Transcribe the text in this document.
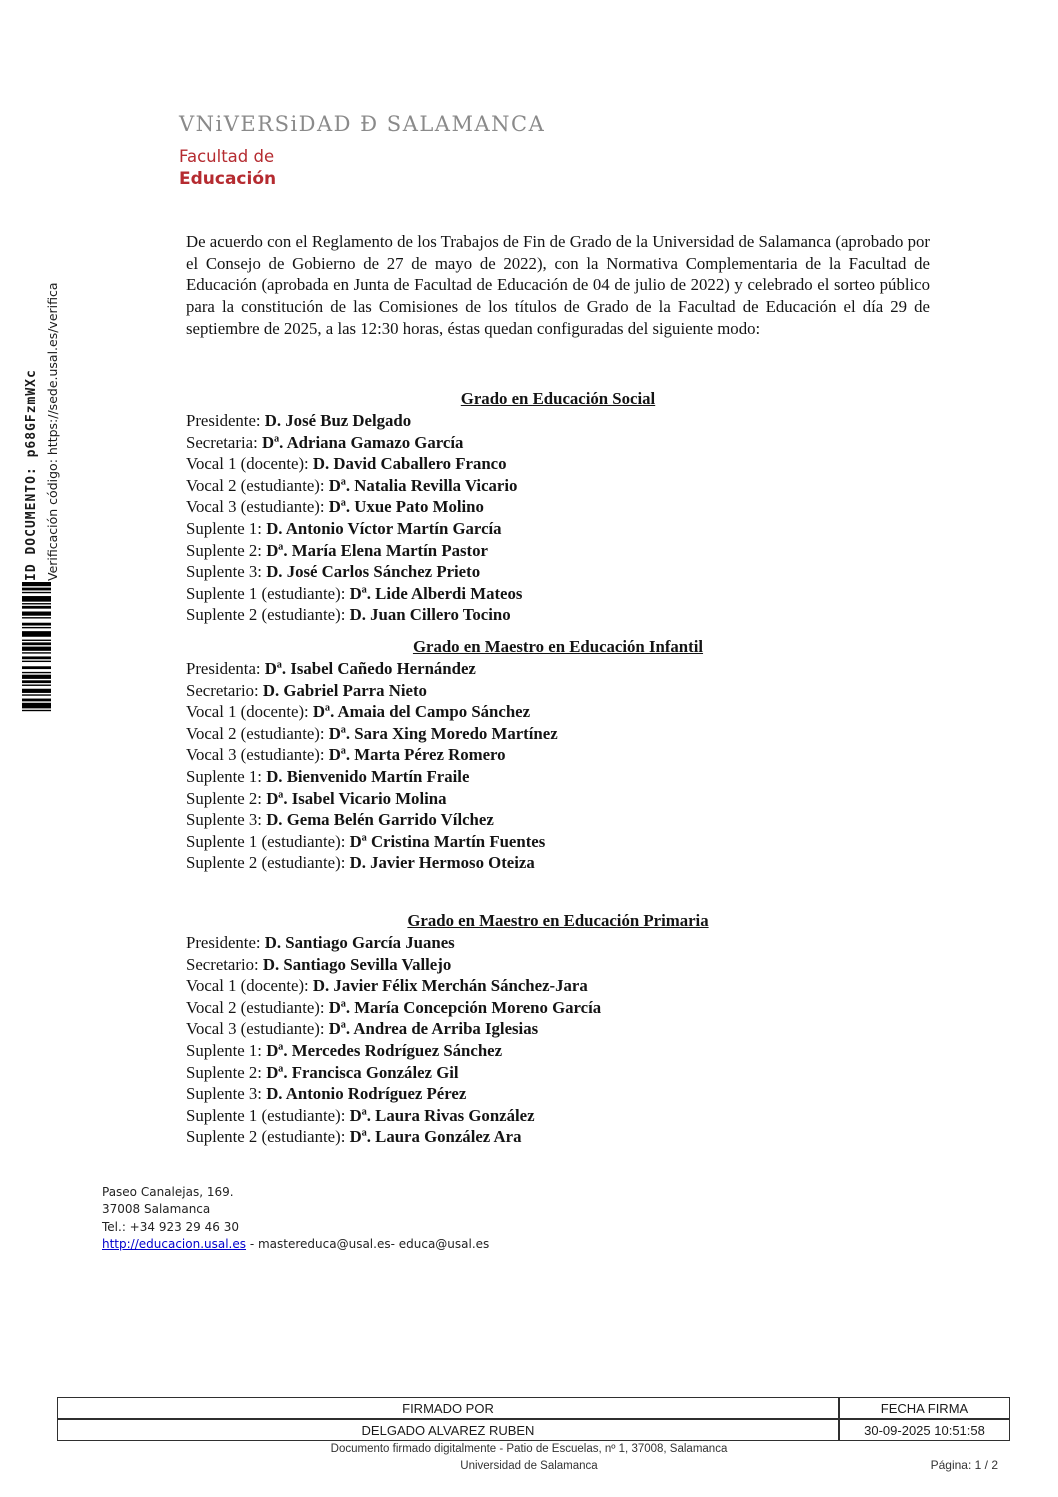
ID DOCUMENTO: p68GFzmWXc Verificación código: https://sede.usal.es/verifica
VNiVERSiDAD Ð SALAMANCA
Facultad de
Educación

De acuerdo con el Reglamento de los Trabajos de Fin de Grado de la Universidad de Salamanca (aprobado por el Consejo de Gobierno de 27 de mayo de 2022), con la Normativa Complementaria de la Facultad de Educación (aprobada en Junta de Facultad de Educación de 04 de julio de 2022) y celebrado el sorteo público para la constitución de las Comisiones de los títulos de Grado de la Facultad de Educación el día 29 de septiembre de 2025, a las 12:30 horas, éstas quedan configuradas del siguiente modo:

Grado en Educación Social
Presidente: D. José Buz Delgado
Secretaria: Dª. Adriana Gamazo García
Vocal 1 (docente): D. David Caballero Franco
Vocal 2 (estudiante): Dª. Natalia Revilla Vicario
Vocal 3 (estudiante): Dª. Uxue Pato Molino
Suplente 1: D. Antonio Víctor Martín García
Suplente 2: Dª. María Elena Martín Pastor
Suplente 3: D. José Carlos Sánchez Prieto
Suplente 1 (estudiante): Dª. Lide Alberdi Mateos
Suplente 2 (estudiante): D. Juan Cillero Tocino
Grado en Maestro en Educación Infantil
Presidenta: Dª. Isabel Cañedo Hernández
Secretario: D. Gabriel Parra Nieto
Vocal 1 (docente): Dª. Amaia del Campo Sánchez
Vocal 2 (estudiante): Dª. Sara Xing Moredo Martínez
Vocal 3 (estudiante): Dª. Marta Pérez Romero
Suplente 1: D. Bienvenido Martín Fraile
Suplente 2: Dª. Isabel Vicario Molina
Suplente 3: D. Gema Belén Garrido Vílchez
Suplente 1 (estudiante): Dª Cristina Martín Fuentes
Suplente 2 (estudiante): D. Javier Hermoso Oteiza
Grado en Maestro en Educación Primaria
Presidente: D. Santiago García Juanes
Secretario: D. Santiago Sevilla Vallejo
Vocal 1 (docente): D. Javier Félix Merchán Sánchez-Jara
Vocal 2 (estudiante): Dª. María Concepción Moreno García
Vocal 3 (estudiante): Dª. Andrea de Arriba Iglesias
Suplente 1: Dª. Mercedes Rodríguez Sánchez
Suplente 2: Dª. Francisca González Gil
Suplente 3: D. Antonio Rodríguez Pérez
Suplente 1 (estudiante): Dª. Laura Rivas González
Suplente 2 (estudiante): Dª. Laura González Ara
Paseo Canalejas, 169.
37008 Salamanca
Tel.: +34 923 29 46 30
http://educacion.usal.es - mastereduca@usal.es- educa@usal.es
FIRMADO POR	FECHA FIRMA
DELGADO ALVAREZ RUBEN	30-09-2025 10:51:58
Documento firmado digitalmente - Patio de Escuelas, nº 1, 37008, Salamanca
Universidad de Salamanca	Página: 1 / 2
